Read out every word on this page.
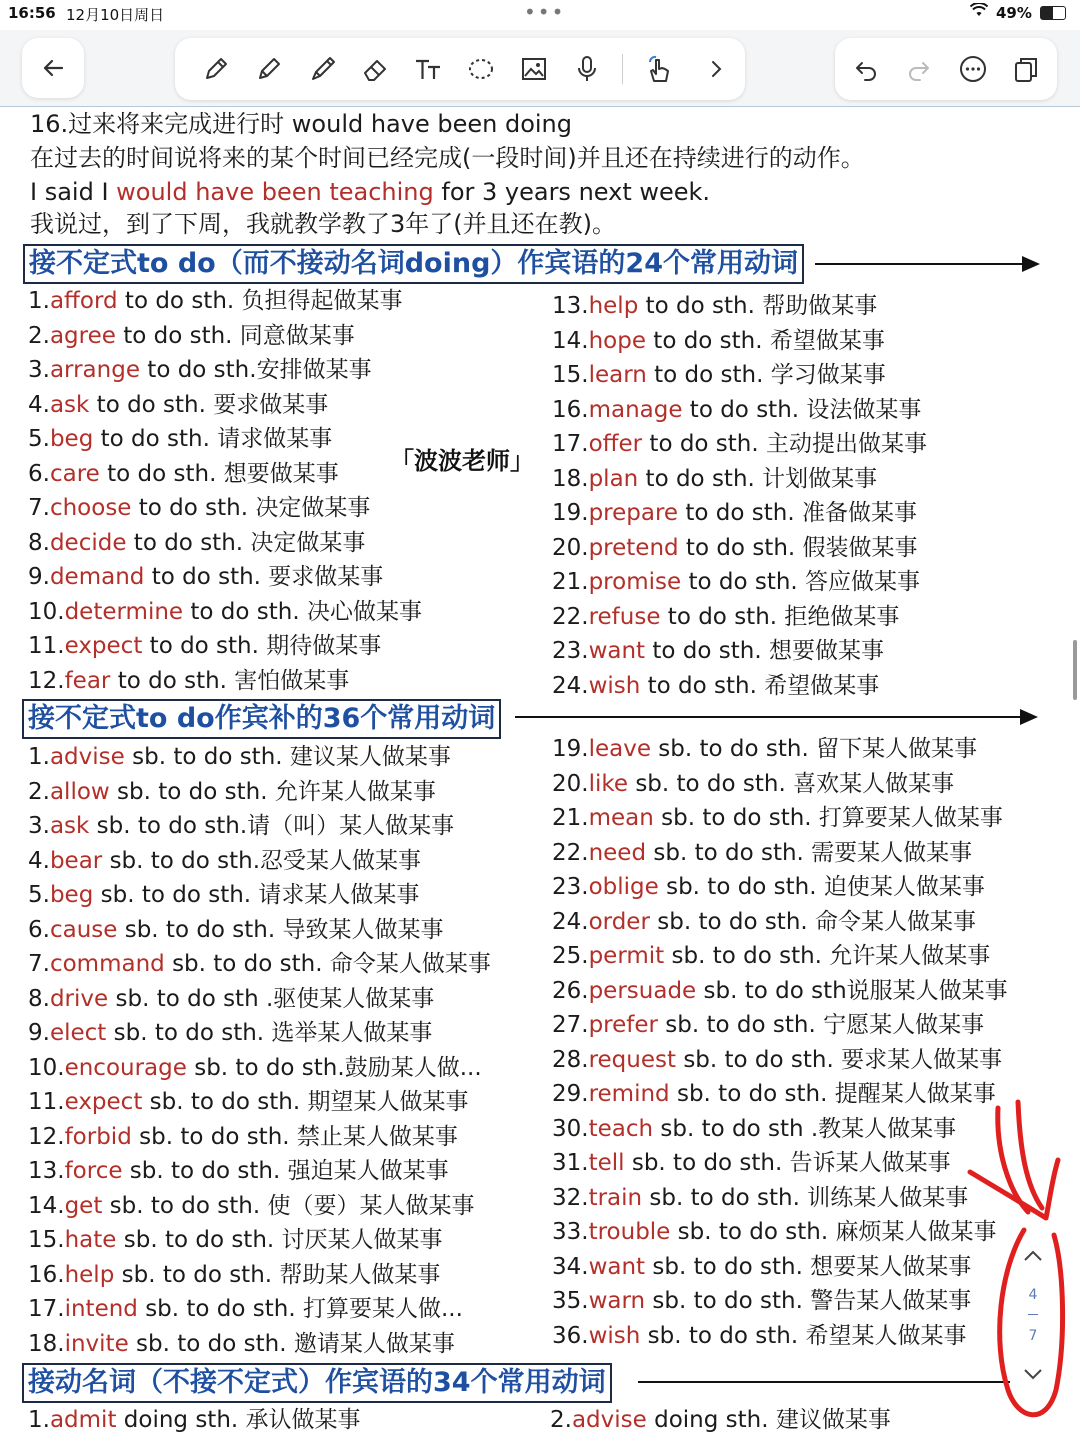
16:56 12月10日周日	•••	49%
16.过来将来完成进行时 would have been doing
在过去的时间说将来的某个时间已经完成(一段时间)并且还在持续进行的动作。
I said I would have been teaching for 3 years next week.
我说过，到了下周，我就教学教了3年了(并且还在教)。
接不定式to do（而不接动名词doing）作宾语的24个常用动词
1.afford to do sth. 负担得起做某事
2.agree to do sth. 同意做某事
3.arrange to do sth.安排做某事
4.ask to do sth. 要求做某事
5.beg to do sth. 请求做某事
6.care to do sth. 想要做某事
7.choose to do sth. 决定做某事
8.decide to do sth. 决定做某事
9.demand to do sth. 要求做某事
10.determine to do sth. 决心做某事
11.expect to do sth. 期待做某事
12.fear to do sth. 害怕做某事
13.help to do sth. 帮助做某事
14.hope to do sth. 希望做某事
15.learn to do sth. 学习做某事
16.manage to do sth. 设法做某事
17.offer to do sth. 主动提出做某事
18.plan to do sth. 计划做某事
19.prepare to do sth. 准备做某事
20.pretend to do sth. 假装做某事
21.promise to do sth. 答应做某事
22.refuse to do sth. 拒绝做某事
23.want to do sth. 想要做某事
24.wish to do sth. 希望做某事
「波波老师」
接不定式to do作宾补的36个常用动词
1.advise sb. to do sth. 建议某人做某事
2.allow sb. to do sth. 允许某人做某事
3.ask sb. to do sth.请（叫）某人做某事
4.bear sb. to do sth.忍受某人做某事
5.beg sb. to do sth. 请求某人做某事
6.cause sb. to do sth. 导致某人做某事
7.command sb. to do sth. 命令某人做某事
8.drive sb. to do sth .驱使某人做某事
9.elect sb. to do sth. 选举某人做某事
10.encourage sb. to do sth.鼓励某人做...
11.expect sb. to do sth. 期望某人做某事
12.forbid sb. to do sth. 禁止某人做某事
13.force sb. to do sth. 强迫某人做某事
14.get sb. to do sth. 使（要）某人做某事
15.hate sb. to do sth. 讨厌某人做某事
16.help sb. to do sth. 帮助某人做某事
17.intend sb. to do sth. 打算要某人做...
18.invite sb. to do sth. 邀请某人做某事
19.leave sb. to do sth. 留下某人做某事
20.like sb. to do sth. 喜欢某人做某事
21.mean sb. to do sth. 打算要某人做某事
22.need sb. to do sth. 需要某人做某事
23.oblige sb. to do sth. 迫使某人做某事
24.order sb. to do sth. 命令某人做某事
25.permit sb. to do sth. 允许某人做某事
26.persuade sb. to do sth说服某人做某事
27.prefer sb. to do sth. 宁愿某人做某事
28.request sb. to do sth. 要求某人做某事
29.remind sb. to do sth. 提醒某人做某事
30.teach sb. to do sth .教某人做某事
31.tell sb. to do sth. 告诉某人做某事
32.train sb. to do sth. 训练某人做某事
33.trouble sb. to do sth. 麻烦某人做某事
34.want sb. to do sth. 想要某人做某事
35.warn sb. to do sth. 警告某人做某事
36.wish sb. to do sth. 希望某人做某事
接动名词（不接不定式）作宾语的34个常用动词
1.admit doing sth. 承认做某事	2.advise doing sth. 建议做某事
4
7
